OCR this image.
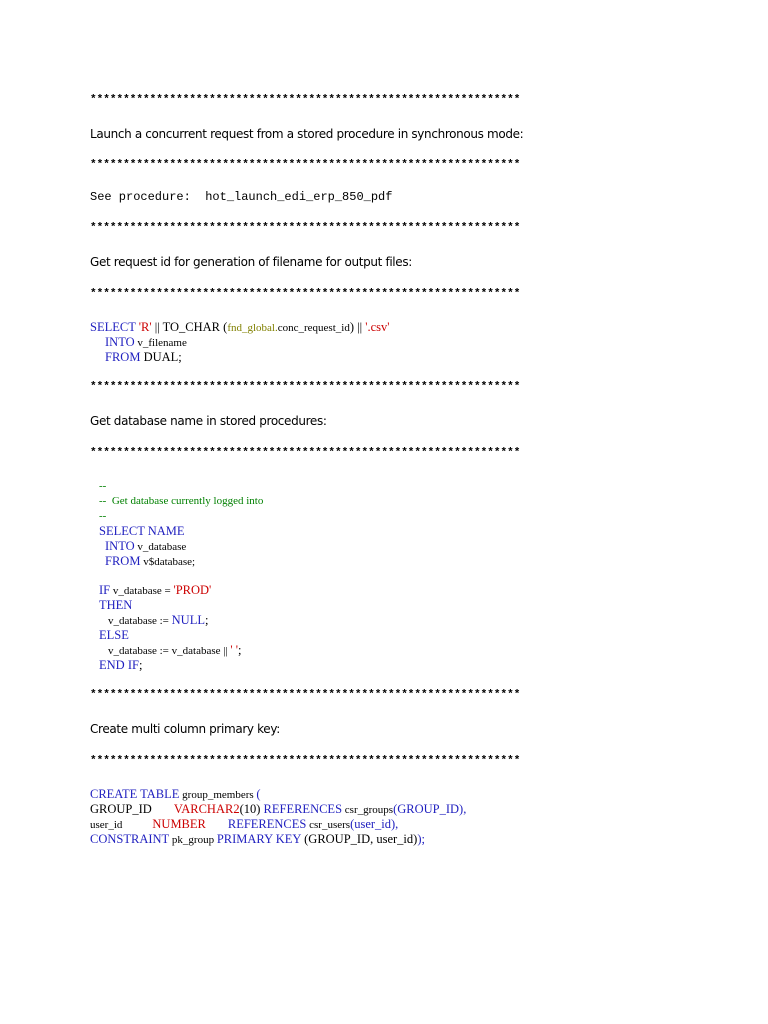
*****************************************************************

Launch a concurrent request from a stored procedure in synchronous mode:

*****************************************************************

See procedure:  hot_launch_edi_erp_850_pdf

*****************************************************************

Get request id for generation of filename for output files:

*****************************************************************

SELECT 'R' || TO_CHAR (fnd_global.conc_request_id) || '.csv'

INTO v_filename

FROM DUAL;

*****************************************************************

Get database name in stored procedures:

*****************************************************************

--

--  Get database currently logged into

--

SELECT NAME

INTO v_database

FROM v$database;

IF v_database = 'PROD'

THEN

v_database := NULL;

ELSE

v_database := v_database || ' ';

END IF;

*****************************************************************

Create multi column primary key:

*****************************************************************

CREATE TABLE group_members (

GROUP_ID VARCHAR2(10) REFERENCES csr_groups(GROUP_ID),

user_id NUMBER REFERENCES csr_users(user_id),

CONSTRAINT pk_group PRIMARY KEY (GROUP_ID, user_id));
